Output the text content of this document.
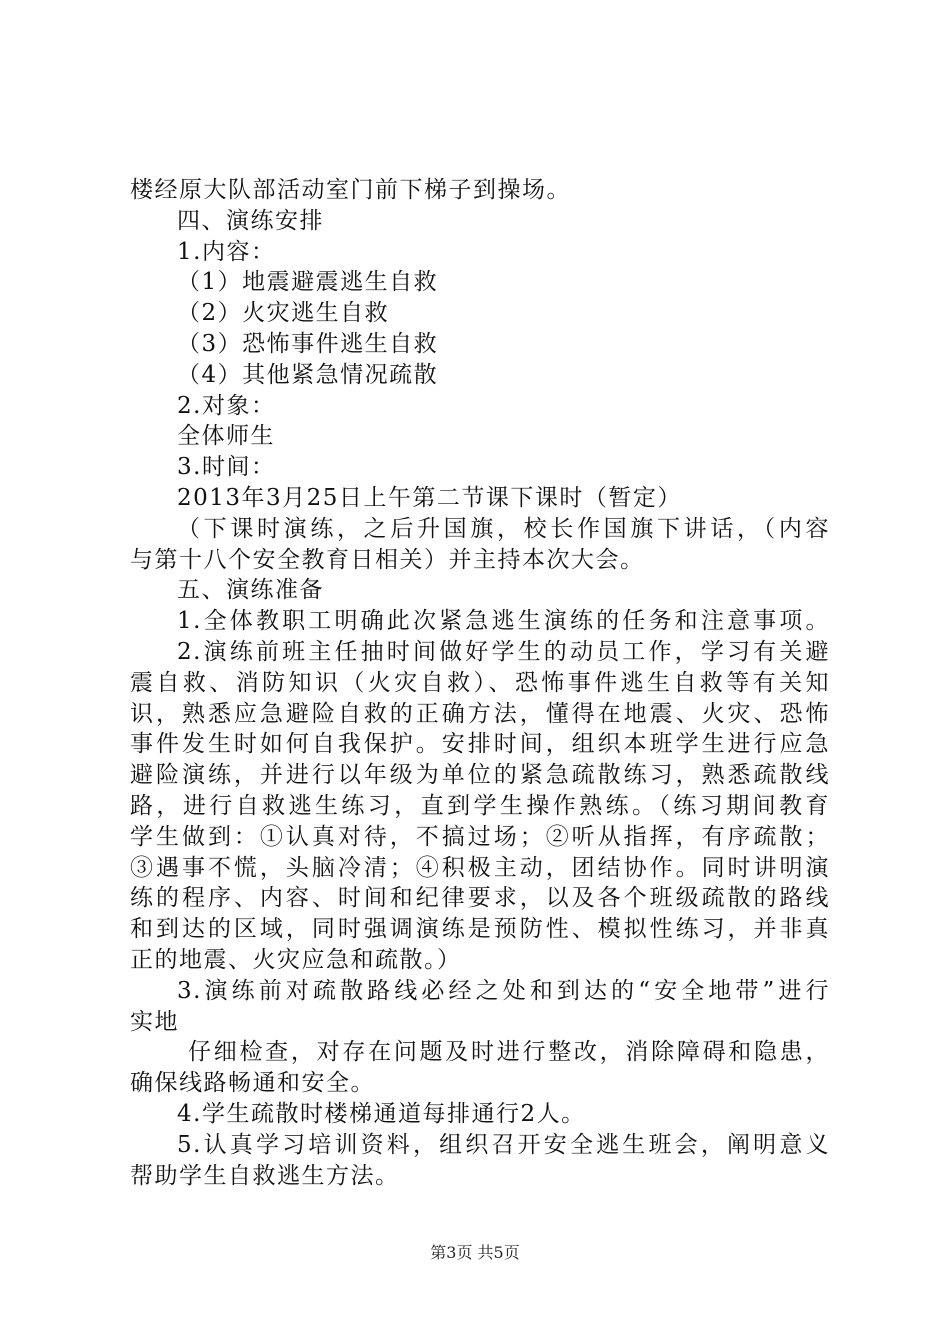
楼经原大队部活动室门前下梯子到操场。
四、演练安排
1.内容：
（1）地震避震逃生自救
（2）火灾逃生自救
（3）恐怖事件逃生自救
（4）其他紧急情况疏散
2.对象：
全体师生
3.时间：
2013年3月25日上午第二节课下课时（暂定）
（下课时演练，之后升国旗，校长作国旗下讲话，（内容
与第十八个安全教育日相关）并主持本次大会。
五、演练准备
1.全体教职工明确此次紧急逃生演练的任务和注意事项。
2.演练前班主任抽时间做好学生的动员工作，学习有关避
震自救、消防知识（火灾自救）、恐怖事件逃生自救等有关知
识，熟悉应急避险自救的正确方法，懂得在地震、火灾、恐怖
事件发生时如何自我保护。安排时间，组织本班学生进行应急
避险演练，并进行以年级为单位的紧急疏散练习，熟悉疏散线
路，进行自救逃生练习，直到学生操作熟练。（练习期间教育
学生做到：①认真对待，不搞过场；②听从指挥，有序疏散；
③遇事不慌，头脑冷清；④积极主动，团结协作。同时讲明演
练的程序、内容、时间和纪律要求，以及各个班级疏散的路线
和到达的区域，同时强调演练是预防性、模拟性练习，并非真
正的地震、火灾应急和疏散。）
3.演练前对疏散路线必经之处和到达的“安全地带”进行
实地
仔细检查，对存在问题及时进行整改，消除障碍和隐患，
确保线路畅通和安全。
4.学生疏散时楼梯通道每排通行2人。
5.认真学习培训资料，组织召开安全逃生班会，阐明意义
帮助学生自救逃生方法。
第3页 共5页
